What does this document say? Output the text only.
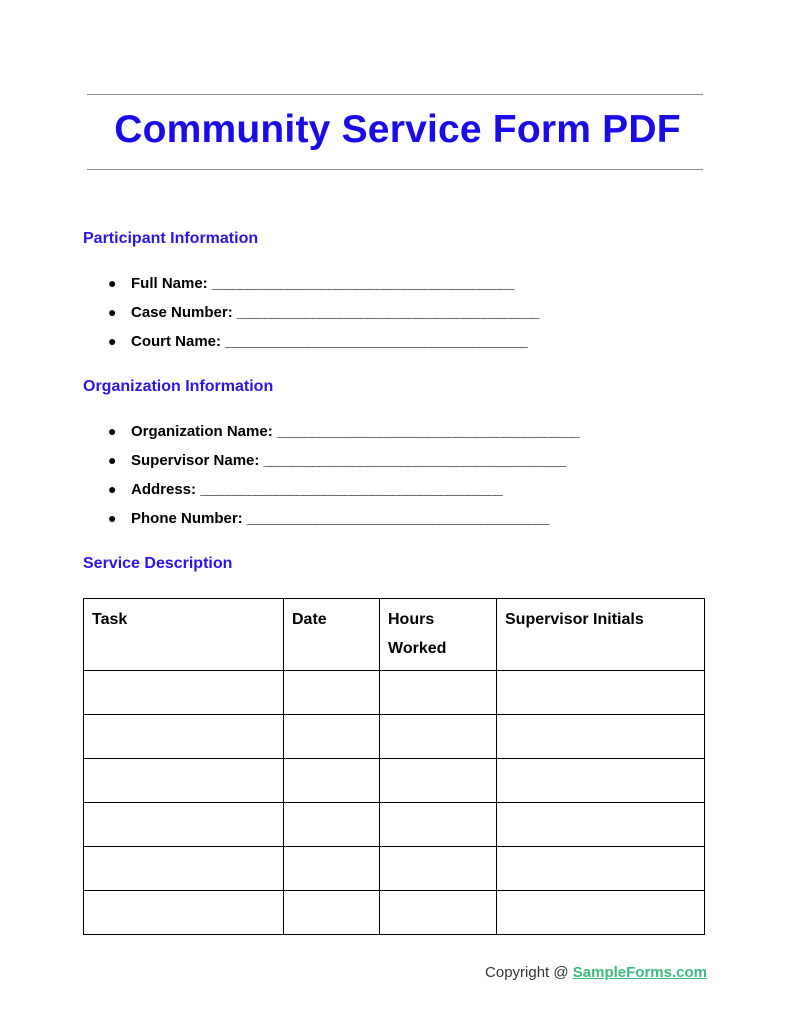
Community Service Form PDF
Participant Information
● Full Name:
____________________________________________
● Case Number:
____________________________________________
● Court Name:
____________________________________________
Organization Information
● Organization Name:
____________________________________________
● Supervisor Name:
____________________________________________
● Address:
____________________________________________
● Phone Number:
____________________________________________
Service Description
Task	Date	Hours Worked	Supervisor Initials

Copyright @ SampleForms.com
